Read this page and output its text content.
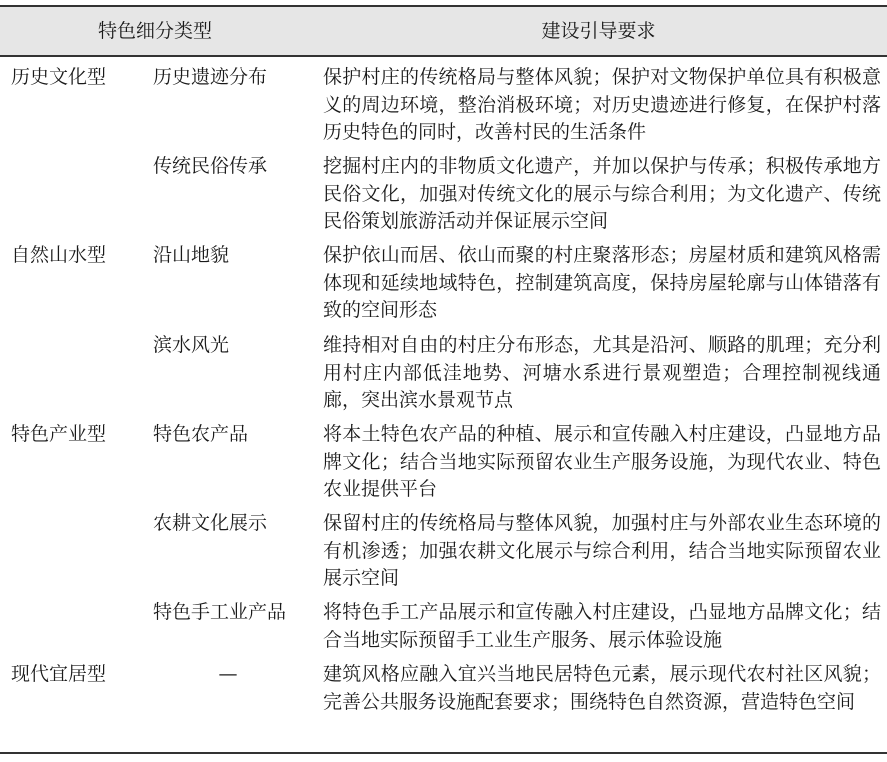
特色细分类型	建设引导要求
历史文化型	历史遗迹分布	保护村庄的传统格局与整体风貌；保护对文物保护单位具有积极意义的周边环境，整治消极环境；对历史遗迹进行修复，在保护村落历史特色的同时，改善村民的生活条件
传统民俗传承	挖掘村庄内的非物质文化遗产，并加以保护与传承；积极传承地方民俗文化，加强对传统文化的展示与综合利用；为文化遗产、传统民俗策划旅游活动并保证展示空间
自然山水型	沿山地貌	保护依山而居、依山而聚的村庄聚落形态；房屋材质和建筑风格需体现和延续地域特色，控制建筑高度，保持房屋轮廓与山体错落有致的空间形态
滨水风光	维持相对自由的村庄分布形态，尤其是沿河、顺路的肌理；充分利用村庄内部低洼地势、河塘水系进行景观塑造；合理控制视线通廊，突出滨水景观节点
特色产业型	特色农产品	将本土特色农产品的种植、展示和宣传融入村庄建设，凸显地方品牌文化；结合当地实际预留农业生产服务设施，为现代农业、特色农业提供平台
农耕文化展示	保留村庄的传统格局与整体风貌，加强村庄与外部农业生态环境的有机渗透；加强农耕文化展示与综合利用，结合当地实际预留农业展示空间
特色手工业产品	将特色手工产品展示和宣传融入村庄建设，凸显地方品牌文化；结合当地实际预留手工业生产服务、展示体验设施
现代宜居型	—	建筑风格应融入宜兴当地民居特色元素，展示现代农村社区风貌；完善公共服务设施配套要求；围绕特色自然资源，营造特色空间
